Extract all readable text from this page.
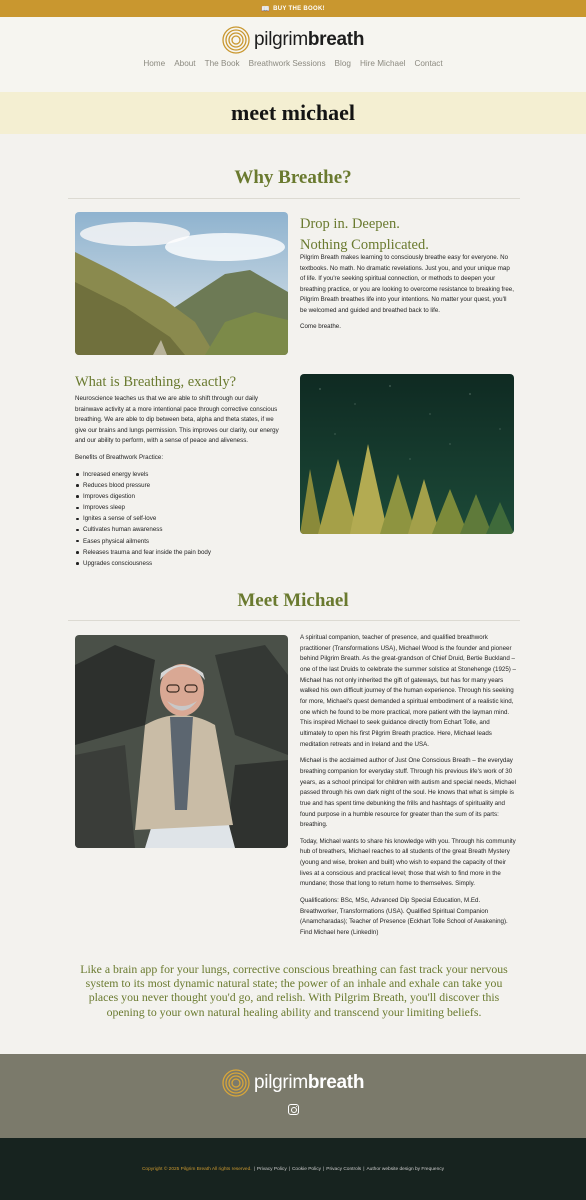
📖 BUY THE BOOK!
pilgrimbreath
Home About The Book Breathwork Sessions Blog Hire Michael Contact
meet michael
Why Breathe?
Drop in. Deepen.
Nothing Complicated.

Pilgrim Breath makes learning to consciously breathe easy for everyone. No textbooks. No math. No dramatic revelations. Just you, and your unique map of life. If you're seeking spiritual connection, or methods to deepen your breathing practice, or you are looking to overcome resistance to breaking free, Pilgrim Breath breathes life into your intentions. No matter your quest, you'll be welcomed and guided and breathed back to life.

Come breathe.

What is Breathing, exactly?

Neuroscience teaches us that we are able to shift through our daily brainwave activity at a more intentional pace through corrective conscious breathing. We are able to dip between beta, alpha and theta states, if we give our brains and lungs permission. This improves our clarity, our energy and our ability to perform, with a sense of peace and aliveness.

Benefits of Breathwork Practice:

Increased energy levels
Reduces blood pressure
Improves digestion
Improves sleep
Ignites a sense of self-love
Cultivates human awareness
Eases physical ailments
Releases trauma and fear inside the pain body
Upgrades consciousness
Meet Michael

A spiritual companion, teacher of presence, and qualified breathwork practitioner (Transformations USA), Michael Wood is the founder and pioneer behind Pilgrim Breath. As the great-grandson of Chief Druid, Bertie Buckland – one of the last Druids to celebrate the summer solstice at Stonehenge (1925) – Michael has not only inherited the gift of gateways, but has for many years walked his own difficult journey of the human experience. Through his seeking for more, Michael's quest demanded a spiritual embodiment of a realistic kind, one which he found to be more practical, more patient with the layman mind. This inspired Michael to seek guidance directly from Echart Tolle, and ultimately to open his first Pilgrim Breath practice. Here, Michael leads meditation retreats and in Ireland and the USA.

Michael is the acclaimed author of Just One Conscious Breath – the everyday breathing companion for everyday stuff. Through his previous life's work of 30 years, as a school principal for children with autism and special needs, Michael passed through his own dark night of the soul. He knows that what is simple is true and has spent time debunking the frills and hashtags of spirituality and found purpose in a humble resource for greater than the sum of its parts: breathing.

Today, Michael wants to share his knowledge with you. Through his community hub of breathers, Michael reaches to all students of the great Breath Mystery (young and wise, broken and built) who wish to expand the capacity of their lives at a conscious and practical level; those that wish to find more in the mundane; those that long to return home to themselves. Simply.

Qualifications: BSc, MSc, Advanced Dip Special Education, M.Ed. Breathworker, Transformations (USA). Qualified Spiritual Companion (Anamcharadas); Teacher of Presence (Eckhart Tolle School of Awakening). Find Michael here (LinkedIn)

Like a brain app for your lungs, corrective conscious breathing can fast track your nervous system to its most dynamic natural state; the power of an inhale and exhale can take you places you never thought you'd go, and relish. With Pilgrim Breath, you'll discover this opening to your own natural healing ability and transcend your limiting beliefs.
pilgrimbreath
Copyright © 2025 Pilgrim Breath All rights reserved. | Privacy Policy | Cookie Policy | Privacy Controls | Author website design by Frequency
